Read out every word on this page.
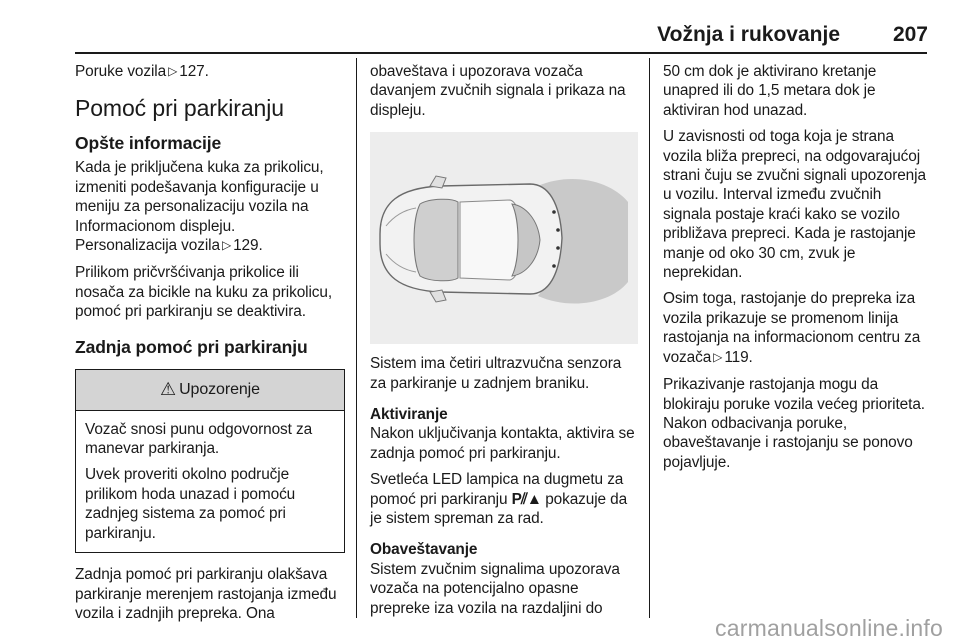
Vožnja i rukovanje	207

Poruke vozila ▷ 127.

Pomoć pri parkiranju
Opšte informacije

Kada je priključena kuka za prikolicu, izmeniti podešavanja konfiguracije u meniju za personalizaciju vozila na Informacionom displeju.

Personalizacija vozila ▷ 129.

Prilikom pričvršćivanja prikolice ili nosača za bicikle na kuku za prikolicu, pomoć pri parkiranju se deaktivira.

Zadnja pomoć pri parkiranju
⚠ Upozorenje

Vozač snosi punu odgovornost za manevar parkiranja.

Uvek proveriti okolno područje prilikom hoda unazad i pomoću zadnjeg sistema za pomoć pri parkiranju.

Zadnja pomoć pri parkiranju olakšava parkiranje merenjem rastojanja između vozila i zadnjih prepreka. Ona

obaveštava i upozorava vozača davanjem zvučnih signala i prikaza na displeju.

Sistem ima četiri ultrazvučna senzora za parkiranje u zadnjem braniku.

Aktiviranje

Nakon uključivanja kontakta, aktivira se zadnja pomoć pri parkiranju.

Svetleća LED lampica na dugmetu za pomoć pri parkiranju P⫽▲ pokazuje da je sistem spreman za rad.

Obaveštavanje

Sistem zvučnim signalima upozorava vozača na potencijalno opasne prepreke iza vozila na razdaljini do

50 cm dok je aktivirano kretanje unapred ili do 1,5 metara dok je aktiviran hod unazad.

U zavisnosti od toga koja je strana vozila bliža prepreci, na odgovarajućoj strani čuju se zvučni signali upozorenja u vozilu. Interval između zvučnih signala postaje kraći kako se vozilo približava prepreci. Kada je rastojanje manje od oko 30 cm, zvuk je neprekidan.

Osim toga, rastojanje do prepreka iza vozila prikazuje se promenom linija rastojanja na informacionom centru za vozača ▷ 119.

Prikazivanje rastojanja mogu da blokiraju poruke vozila većeg prioriteta. Nakon odbacivanja poruke, obaveštavanje i rastojanju se ponovo pojavljuje.

carmanualsonline.info
